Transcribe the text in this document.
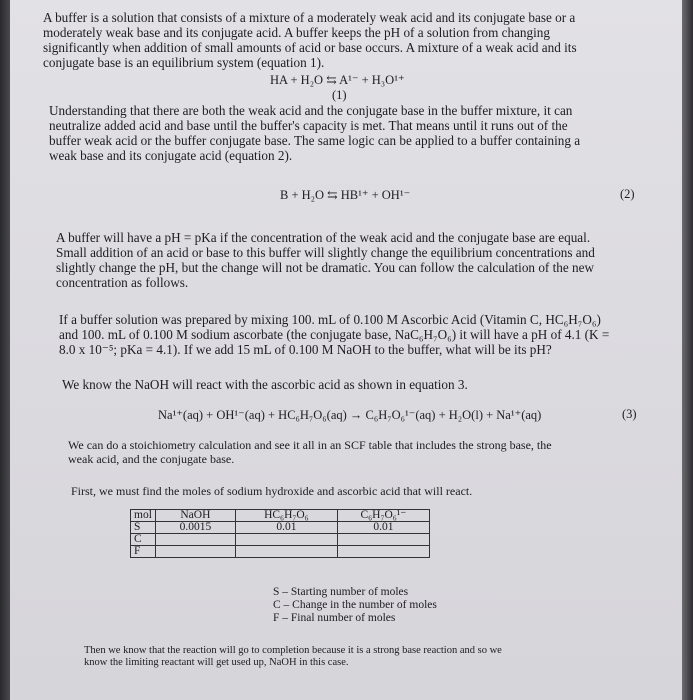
A buffer is a solution that consists of a mixture of a moderately weak acid and its conjugate base or a
moderately weak base and its conjugate acid. A buffer keeps the pH of a solution from changing
significantly when addition of small amounts of acid or base occurs. A mixture of a weak acid and its
conjugate base is an equilibrium system (equation 1).
HA + H₂O ⇆ A¹⁻ + H₃O¹⁺
(1)
Understanding that there are both the weak acid and the conjugate base in the buffer mixture, it can
neutralize added acid and base until the buffer's capacity is met. That means until it runs out of the
buffer weak acid or the buffer conjugate base. The same logic can be applied to a buffer containing a
weak base and its conjugate acid (equation 2).
B + H₂O ⇆ HB¹⁺ + OH¹⁻	(2)
A buffer will have a pH = pKa if the concentration of the weak acid and the conjugate base are equal.
Small addition of an acid or base to this buffer will slightly change the equilibrium concentrations and
slightly change the pH, but the change will not be dramatic. You can follow the calculation of the new
concentration as follows.
If a buffer solution was prepared by mixing 100. mL of 0.100 M Ascorbic Acid (Vitamin C, HC₆H₇O₆)
and 100. mL of 0.100 M sodium ascorbate (the conjugate base, NaC₆H₇O₆) it will have a pH of 4.1 (K =
8.0 x 10⁻⁵; pKa = 4.1). If we add 15 mL of 0.100 M NaOH to the buffer, what will be its pH?
We know the NaOH will react with the ascorbic acid as shown in equation 3.
Na¹⁺(aq) + OH¹⁻(aq) + HC₆H₇O₆(aq) → C₆H₇O₆¹⁻(aq) + H₂O(l) + Na¹⁺(aq)	(3)
We can do a stoichiometry calculation and see it all in an SCF table that includes the strong base, the
weak acid, and the conjugate base.
First, we must find the moles of sodium hydroxide and ascorbic acid that will react.
mol	NaOH	HC₆H₇O₆	C₆H₇O₆¹⁻
S	0.0015	0.01	0.01
C			
F			
S – Starting number of moles
C – Change in the number of moles
F – Final number of moles
Then we know that the reaction will go to completion because it is a strong base reaction and so we
know the limiting reactant will get used up, NaOH in this case.
